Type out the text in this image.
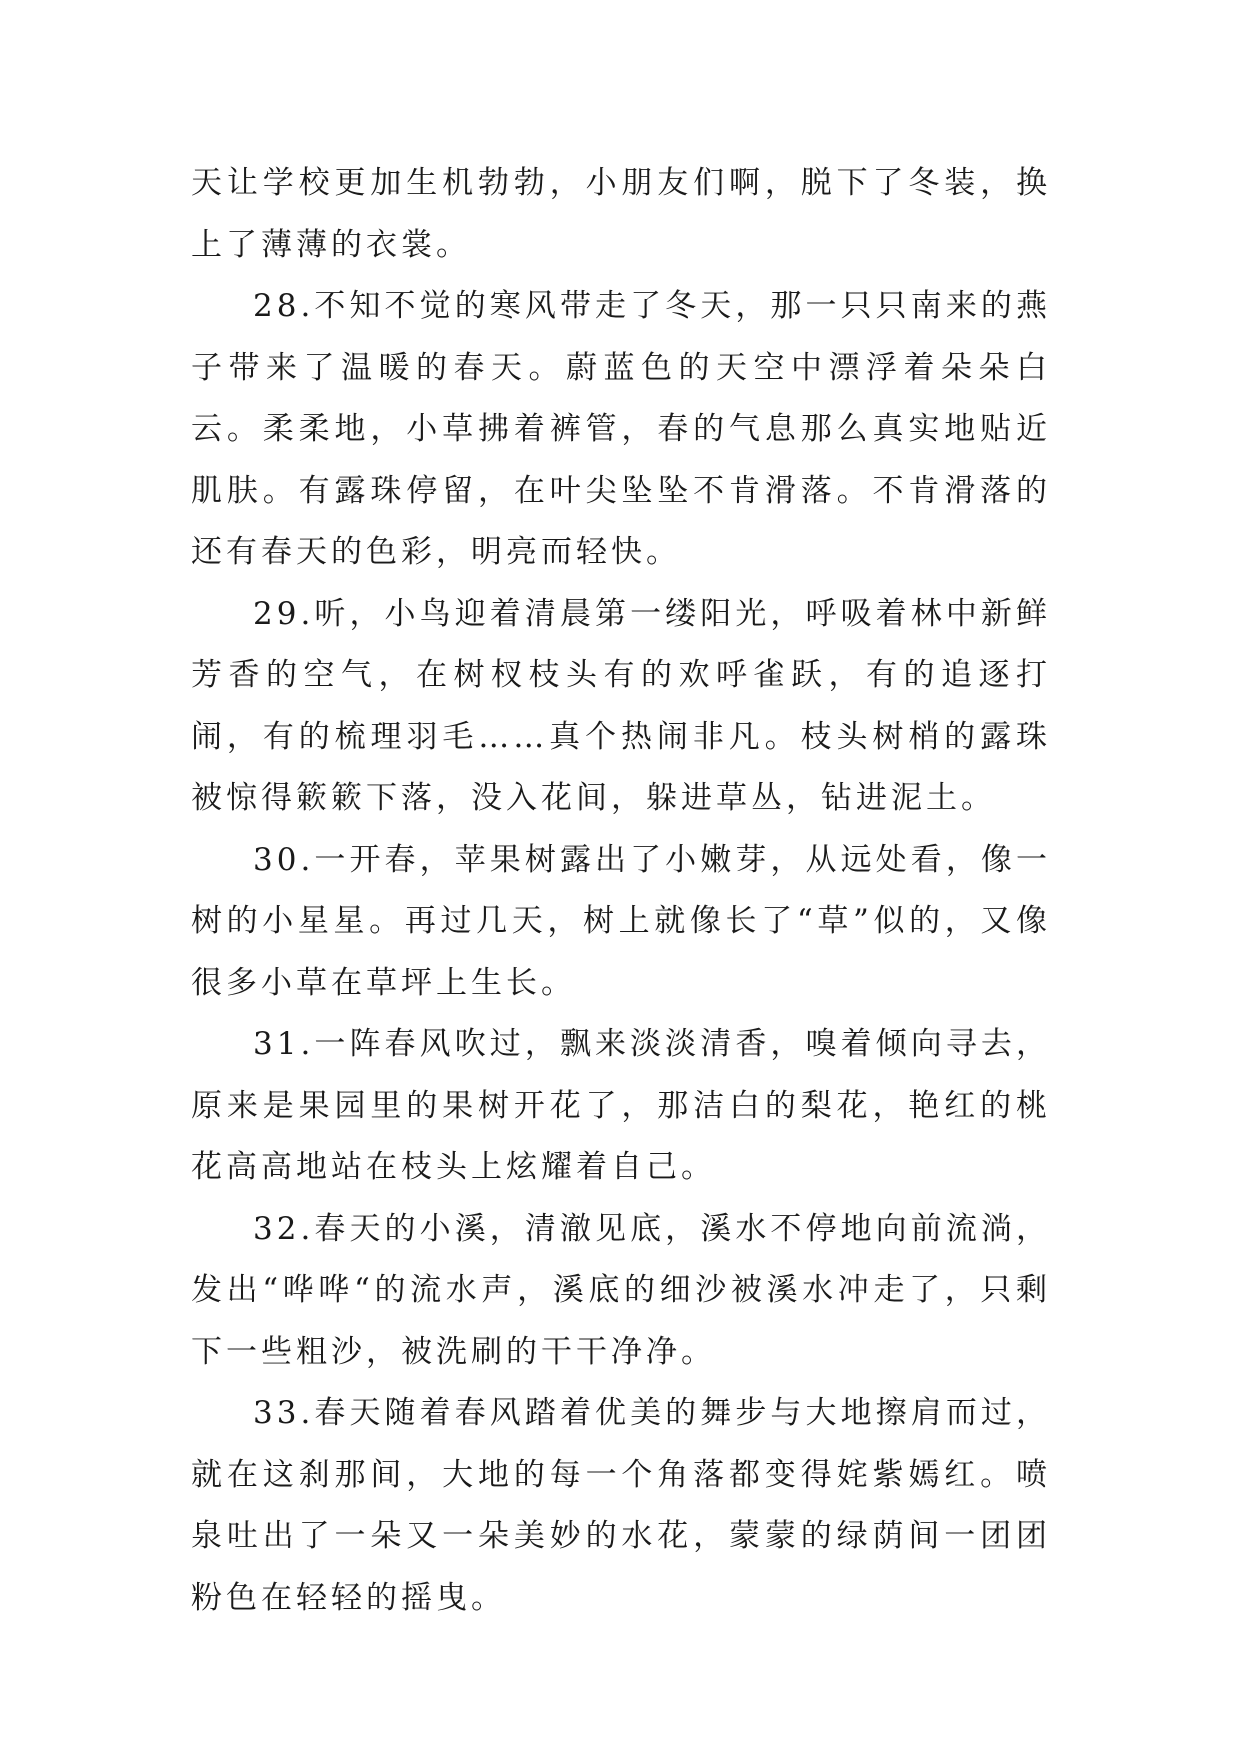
天让学校更加生机勃勃，小朋友们啊，脱下了冬装，换上了薄薄的衣裳。

28.不知不觉的寒风带走了冬天，那一只只南来的燕子带来了温暖的春天。蔚蓝色的天空中漂浮着朵朵白云。柔柔地，小草拂着裤管，春的气息那么真实地贴近肌肤。有露珠停留，在叶尖坠坠不肯滑落。不肯滑落的还有春天的色彩，明亮而轻快。

29.听，小鸟迎着清晨第一缕阳光，呼吸着林中新鲜芳香的空气，在树杈枝头有的欢呼雀跃，有的追逐打闹，有的梳理羽毛……真个热闹非凡。枝头树梢的露珠被惊得簌簌下落，没入花间，躲进草丛，钻进泥土。

30.一开春，苹果树露出了小嫩芽，从远处看，像一树的小星星。再过几天，树上就像长了“草”似的，又像很多小草在草坪上生长。

31.一阵春风吹过，飘来淡淡清香，嗅着倾向寻去，原来是果园里的果树开花了，那洁白的梨花，艳红的桃花高高地站在枝头上炫耀着自己。

32.春天的小溪，清澈见底，溪水不停地向前流淌，发出“哗哗“的流水声，溪底的细沙被溪水冲走了，只剩下一些粗沙，被洗刷的干干净净。

33.春天随着春风踏着优美的舞步与大地擦肩而过，就在这刹那间，大地的每一个角落都变得姹紫嫣红。喷泉吐出了一朵又一朵美妙的水花，蒙蒙的绿荫间一团团粉色在轻轻的摇曳。
